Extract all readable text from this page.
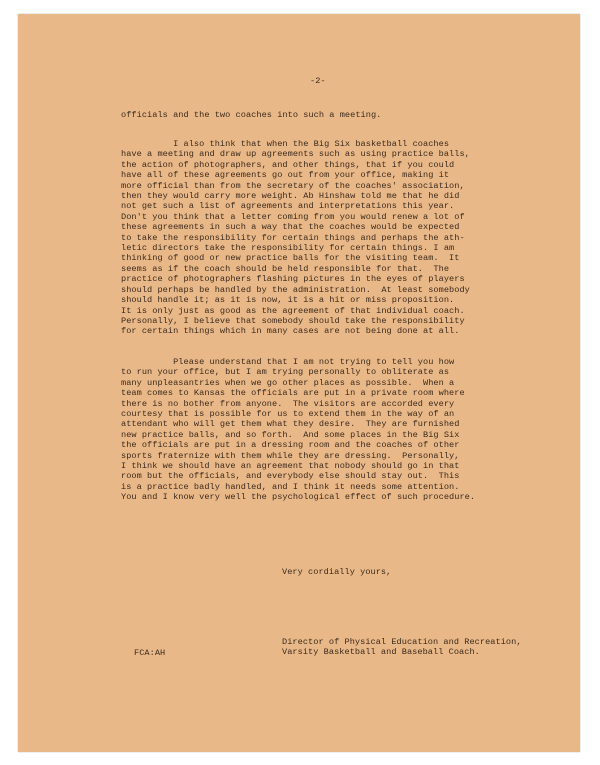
-2-
officials and the two coaches into such a meeting.
I also think that when the Big Six basketball coaches
have a meeting and draw up agreements such as using practice balls,
the action of photographers, and other things, that if you could
have all of these agreements go out from your office, making it
more official than from the secretary of the coaches' association,
then they would carry more weight. Ab Hinshaw told me that he did
not get such a list of agreements and interpretations this year.
Don't you think that a letter coming from you would renew a lot of
these agreements in such a way that the coaches would be expected
to take the responsibility for certain things and perhaps the ath-
letic directors take the responsibility for certain things. I am
thinking of good or new practice balls for the visiting team.  It
seems as if the coach should be held responsible for that.  The
practice of photographers flashing pictures in the eyes of players
should perhaps be handled by the administration.  At least somebody
should handle it; as it is now, it is a hit or miss proposition.
It is only just as good as the agreement of that individual coach.
Personally, I believe that somebody should take the responsibility
for certain things which in many cases are not being done at all.
Please understand that I am not trying to tell you how
to run your office, but I am trying personally to obliterate as
many unpleasantries when we go other places as possible.  When a
team comes to Kansas the officials are put in a private room where
there is no bother from anyone.  The visitors are accorded every
courtesy that is possible for us to extend them in the way of an
attendant who will get them what they desire.  They are furnished
new practice balls, and so forth.  And some places in the Big Six
the officials are put in a dressing room and the coaches of other
sports fraternize with them while they are dressing.  Personally,
I think we should have an agreement that nobody should go in that
room but the officials, and everybody else should stay out.  This
is a practice badly handled, and I think it needs some attention.
You and I know very well the psychological effect of such procedure.
Very cordially yours,
FCA:AH
Director of Physical Education and Recreation,
Varsity Basketball and Baseball Coach.
